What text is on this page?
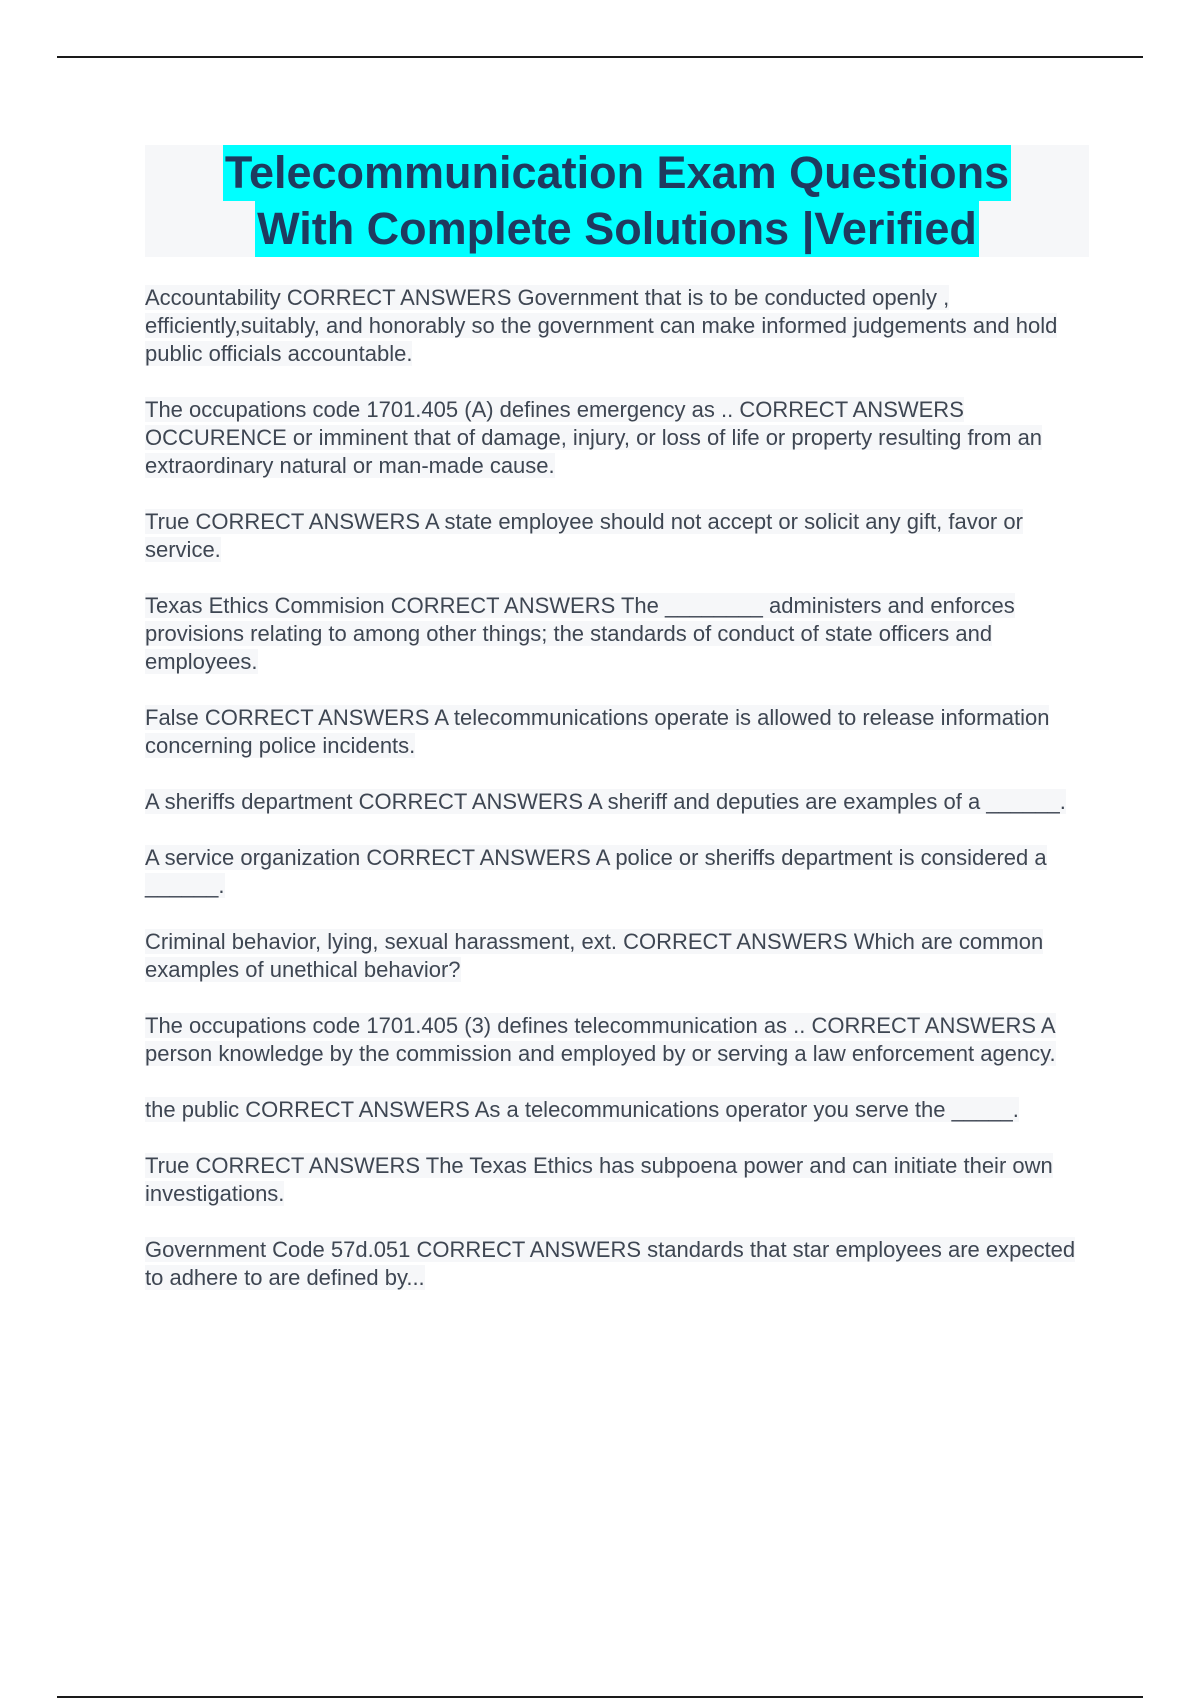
Telecommunication Exam Questions
With Complete Solutions |Verified

Accountability CORRECT ANSWERS Government that is to be conducted openly , efficiently,suitably, and honorably so the government can make informed judgements and hold public officials accountable.

The occupations code 1701.405 (A) defines emergency as .. CORRECT ANSWERS OCCURENCE or imminent that of damage, injury, or loss of life or property resulting from an extraordinary natural or man-made cause.

True CORRECT ANSWERS A state employee should not accept or solicit any gift, favor or service.

Texas Ethics Commision CORRECT ANSWERS The ________ administers and enforces provisions relating to among other things; the standards of conduct of state officers and employees.

False CORRECT ANSWERS A telecommunications operate is allowed to release information concerning police incidents.

A sheriffs department CORRECT ANSWERS A sheriff and deputies are examples of a ______.

A service organization CORRECT ANSWERS A police or sheriffs department is considered a ______.

Criminal behavior, lying, sexual harassment, ext. CORRECT ANSWERS Which are common examples of unethical behavior?

The occupations code 1701.405 (3) defines telecommunication as .. CORRECT ANSWERS A person knowledge by the commission and employed by or serving a law enforcement agency.

the public CORRECT ANSWERS As a telecommunications operator you serve the _____.

True CORRECT ANSWERS The Texas Ethics has subpoena power and can initiate their own investigations.

Government Code 57d.051 CORRECT ANSWERS standards that star employees are expected to adhere to are defined by...
